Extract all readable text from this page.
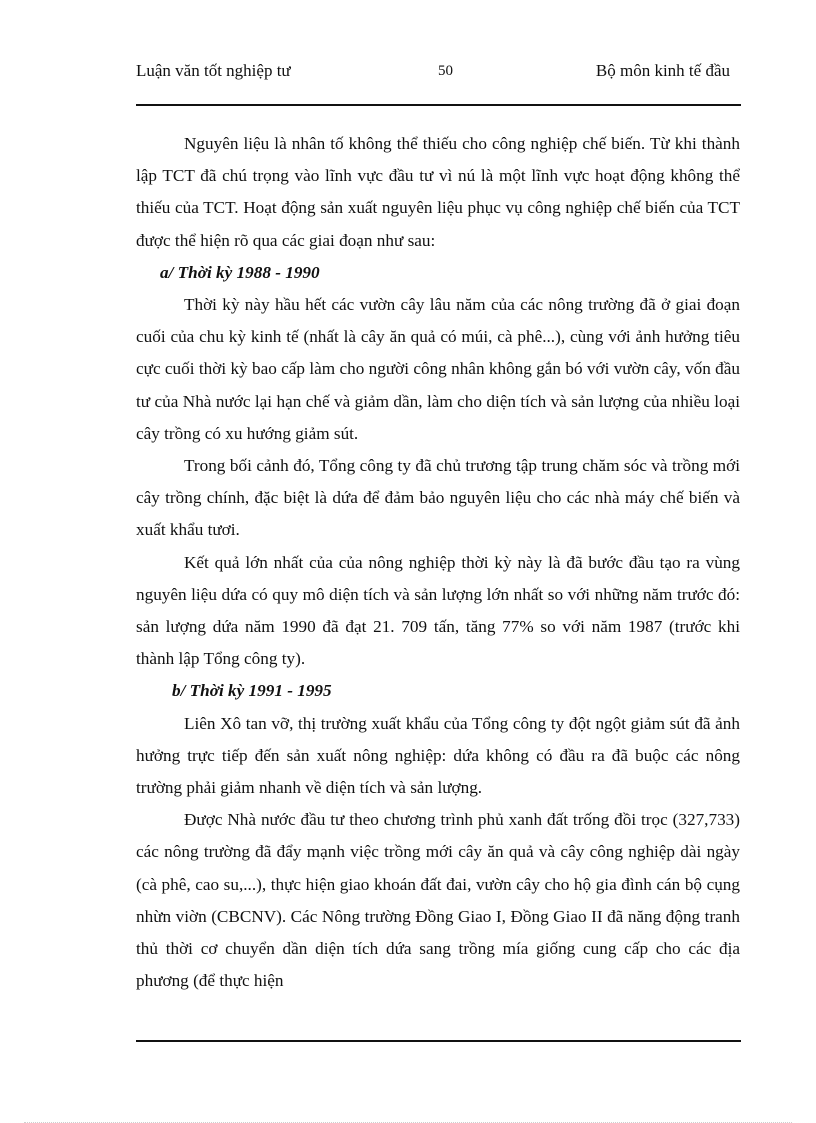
Luận văn tốt nghiệp tư	50	Bộ môn kinh tế đầu

Nguyên liệu là nhân tố không thể thiếu cho công nghiệp chế biến. Từ khi thành lập TCT đã chú trọng vào lĩnh vực đầu tư vì nú là một lĩnh vực hoạt động không thể thiếu của TCT. Hoạt động sản xuất nguyên liệu phục vụ công nghiệp chế biến của TCT được thể hiện rõ qua các giai đoạn như sau:

a/ Thời kỳ 1988 - 1990

Thời kỳ này hầu hết các vườn cây lâu năm của các nông trường đã ở giai đoạn cuối của chu kỳ kinh tế (nhất là cây ăn quả có múi, cà phê...), cùng với ảnh hưởng tiêu cực cuối thời kỳ bao cấp làm cho người công nhân không gắn bó với vườn cây, vốn đầu tư của Nhà nước lại hạn chế và giảm dần, làm cho diện tích và sản lượng của nhiều loại cây trồng có xu hướng giảm sút.

Trong bối cảnh đó, Tổng công ty đã chủ trương tập trung chăm sóc và trồng mới cây trồng chính, đặc biệt là dứa để đảm bảo nguyên liệu cho các nhà máy chế biến và xuất khẩu tươi.

Kết quả lớn nhất của của nông nghiệp thời kỳ này là đã bước đầu tạo ra vùng nguyên liệu dứa có quy mô diện tích và sản lượng lớn nhất so với những năm trước đó: sản lượng dứa năm 1990 đã đạt 21. 709 tấn, tăng 77% so với năm 1987 (trước khi thành lập Tổng công ty).

b/ Thời kỳ 1991 - 1995

Liên Xô tan vỡ, thị trường xuất khẩu của Tổng công ty đột ngột giảm sút đã ảnh hưởng trực tiếp đến sản xuất nông nghiệp: dứa không có đầu ra đã buộc các nông trường phải giảm nhanh về diện tích và sản lượng.

Được Nhà nước đầu tư theo chương trình phủ xanh đất trống đồi trọc (327,733) các nông trường đã đẩy mạnh việc trồng mới cây ăn quả và cây công nghiệp dài ngày (cà phê, cao su,...), thực hiện giao khoán đất đai, vườn cây cho hộ gia đình cán bộ cụng nhừn viờn (CBCNV). Các Nông trường Đồng Giao I, Đồng Giao II đã năng động tranh thủ thời cơ chuyển dần diện tích dứa sang trồng mía giống cung cấp cho các địa phương (để thực hiện
